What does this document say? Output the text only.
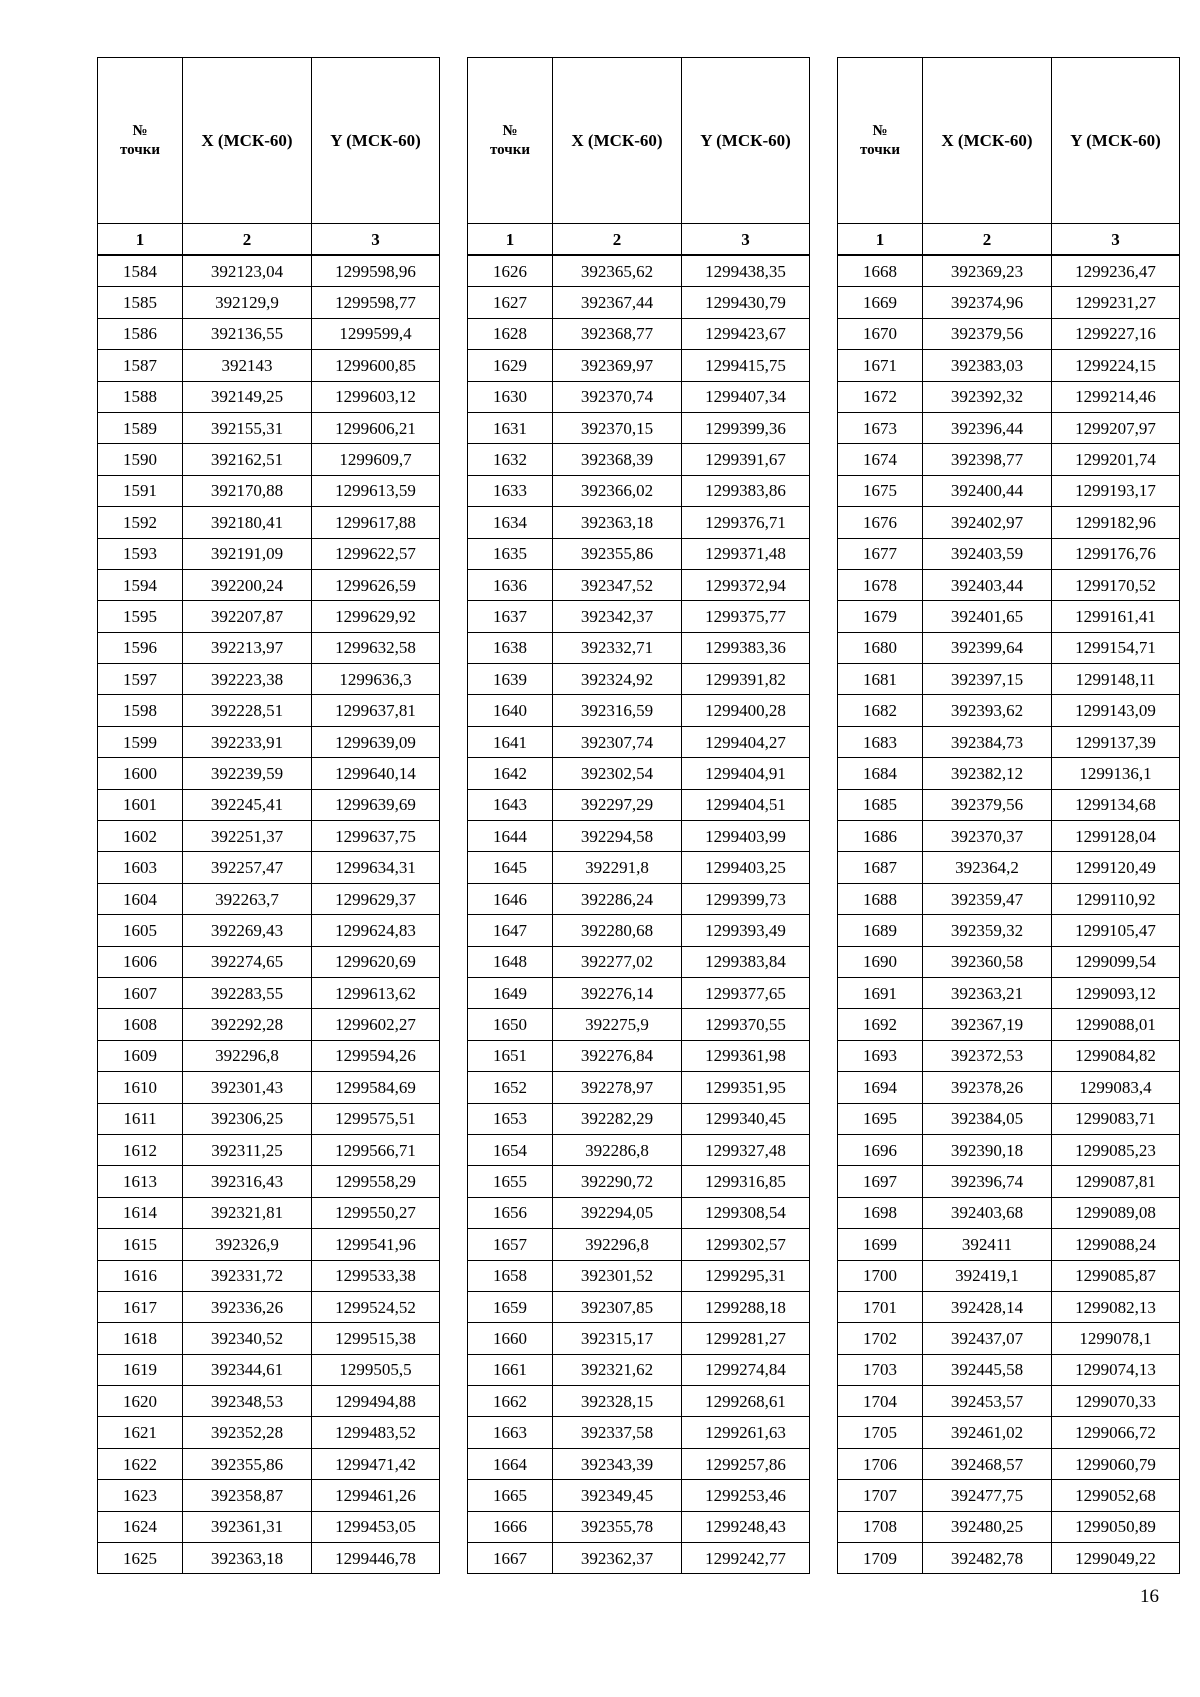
№
точки	X (МСК-60)	Y (МСК-60)
1	2	3
1584	392123,04	1299598,96
1585	392129,9	1299598,77
1586	392136,55	1299599,4
1587	392143	1299600,85
1588	392149,25	1299603,12
1589	392155,31	1299606,21
1590	392162,51	1299609,7
1591	392170,88	1299613,59
1592	392180,41	1299617,88
1593	392191,09	1299622,57
1594	392200,24	1299626,59
1595	392207,87	1299629,92
1596	392213,97	1299632,58
1597	392223,38	1299636,3
1598	392228,51	1299637,81
1599	392233,91	1299639,09
1600	392239,59	1299640,14
1601	392245,41	1299639,69
1602	392251,37	1299637,75
1603	392257,47	1299634,31
1604	392263,7	1299629,37
1605	392269,43	1299624,83
1606	392274,65	1299620,69
1607	392283,55	1299613,62
1608	392292,28	1299602,27
1609	392296,8	1299594,26
1610	392301,43	1299584,69
1611	392306,25	1299575,51
1612	392311,25	1299566,71
1613	392316,43	1299558,29
1614	392321,81	1299550,27
1615	392326,9	1299541,96
1616	392331,72	1299533,38
1617	392336,26	1299524,52
1618	392340,52	1299515,38
1619	392344,61	1299505,5
1620	392348,53	1299494,88
1621	392352,28	1299483,52
1622	392355,86	1299471,42
1623	392358,87	1299461,26
1624	392361,31	1299453,05
1625	392363,18	1299446,78
№
точки	X (МСК-60)	Y (МСК-60)
1	2	3
1626	392365,62	1299438,35
1627	392367,44	1299430,79
1628	392368,77	1299423,67
1629	392369,97	1299415,75
1630	392370,74	1299407,34
1631	392370,15	1299399,36
1632	392368,39	1299391,67
1633	392366,02	1299383,86
1634	392363,18	1299376,71
1635	392355,86	1299371,48
1636	392347,52	1299372,94
1637	392342,37	1299375,77
1638	392332,71	1299383,36
1639	392324,92	1299391,82
1640	392316,59	1299400,28
1641	392307,74	1299404,27
1642	392302,54	1299404,91
1643	392297,29	1299404,51
1644	392294,58	1299403,99
1645	392291,8	1299403,25
1646	392286,24	1299399,73
1647	392280,68	1299393,49
1648	392277,02	1299383,84
1649	392276,14	1299377,65
1650	392275,9	1299370,55
1651	392276,84	1299361,98
1652	392278,97	1299351,95
1653	392282,29	1299340,45
1654	392286,8	1299327,48
1655	392290,72	1299316,85
1656	392294,05	1299308,54
1657	392296,8	1299302,57
1658	392301,52	1299295,31
1659	392307,85	1299288,18
1660	392315,17	1299281,27
1661	392321,62	1299274,84
1662	392328,15	1299268,61
1663	392337,58	1299261,63
1664	392343,39	1299257,86
1665	392349,45	1299253,46
1666	392355,78	1299248,43
1667	392362,37	1299242,77
№
точки	X (МСК-60)	Y (МСК-60)
1	2	3
1668	392369,23	1299236,47
1669	392374,96	1299231,27
1670	392379,56	1299227,16
1671	392383,03	1299224,15
1672	392392,32	1299214,46
1673	392396,44	1299207,97
1674	392398,77	1299201,74
1675	392400,44	1299193,17
1676	392402,97	1299182,96
1677	392403,59	1299176,76
1678	392403,44	1299170,52
1679	392401,65	1299161,41
1680	392399,64	1299154,71
1681	392397,15	1299148,11
1682	392393,62	1299143,09
1683	392384,73	1299137,39
1684	392382,12	1299136,1
1685	392379,56	1299134,68
1686	392370,37	1299128,04
1687	392364,2	1299120,49
1688	392359,47	1299110,92
1689	392359,32	1299105,47
1690	392360,58	1299099,54
1691	392363,21	1299093,12
1692	392367,19	1299088,01
1693	392372,53	1299084,82
1694	392378,26	1299083,4
1695	392384,05	1299083,71
1696	392390,18	1299085,23
1697	392396,74	1299087,81
1698	392403,68	1299089,08
1699	392411	1299088,24
1700	392419,1	1299085,87
1701	392428,14	1299082,13
1702	392437,07	1299078,1
1703	392445,58	1299074,13
1704	392453,57	1299070,33
1705	392461,02	1299066,72
1706	392468,57	1299060,79
1707	392477,75	1299052,68
1708	392480,25	1299050,89
1709	392482,78	1299049,22
16
